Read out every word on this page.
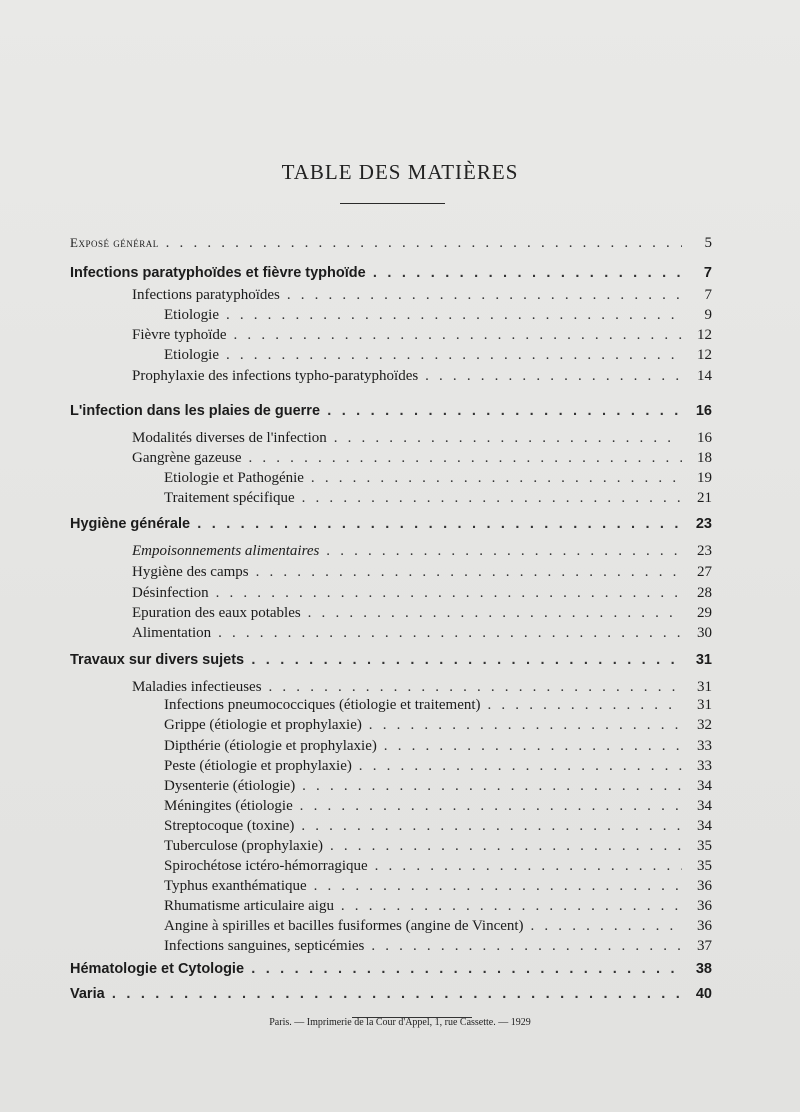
TABLE DES MATIÈRES
Exposé général . . .	5
Infections paratyphoïdes et fièvre typhoïde . . .	7
Infections paratyphoïdes . . .	7
Etiologie . . .	9
Fièvre typhoïde . . .	12
Etiologie . . .	12
Prophylaxie des infections typho-paratyphoïdes . . .	14
L'infection dans les plaies de guerre . . .	16
Modalités diverses de l'infection . . .	16
Gangrène gazeuse . . .	18
Etiologie et Pathogénie . . .	19
Traitement spécifique . . .	21
Hygiène générale . . .	23
Empoisonnements alimentaires . . .	23
Hygiène des camps . . .	27
Désinfection . . .	28
Epuration des eaux potables . . .	29
Alimentation . . .	30
Travaux sur divers sujets . . .	31
Maladies infectieuses . . .	31
Infections pneumococciques (étiologie et traitement) . . .	31
Grippe (étiologie et prophylaxie) . . .	32
Dipthérie (étiologie et prophylaxie) . . .	33
Peste (étiologie et prophylaxie) . . .	33
Dysenterie (étiologie) . . .	34
Méningites (étiologie . . .	34
Streptocoque (toxine) . . .	34
Tuberculose (prophylaxie) . . .	35
Spirochétose ictéro-hémorragique . . .	35
Typhus exanthématique . . .	36
Rhumatisme articulaire aigu . . .	36
Angine à spirilles et bacilles fusiformes (angine de Vincent) . . .	36
Infections sanguines, septicémies . . .	37
Hématologie et Cytologie . . .	38
Varia . . .	40
Paris. — Imprimerie de la Cour d'Appel, 1, rue Cassette. — 1929
